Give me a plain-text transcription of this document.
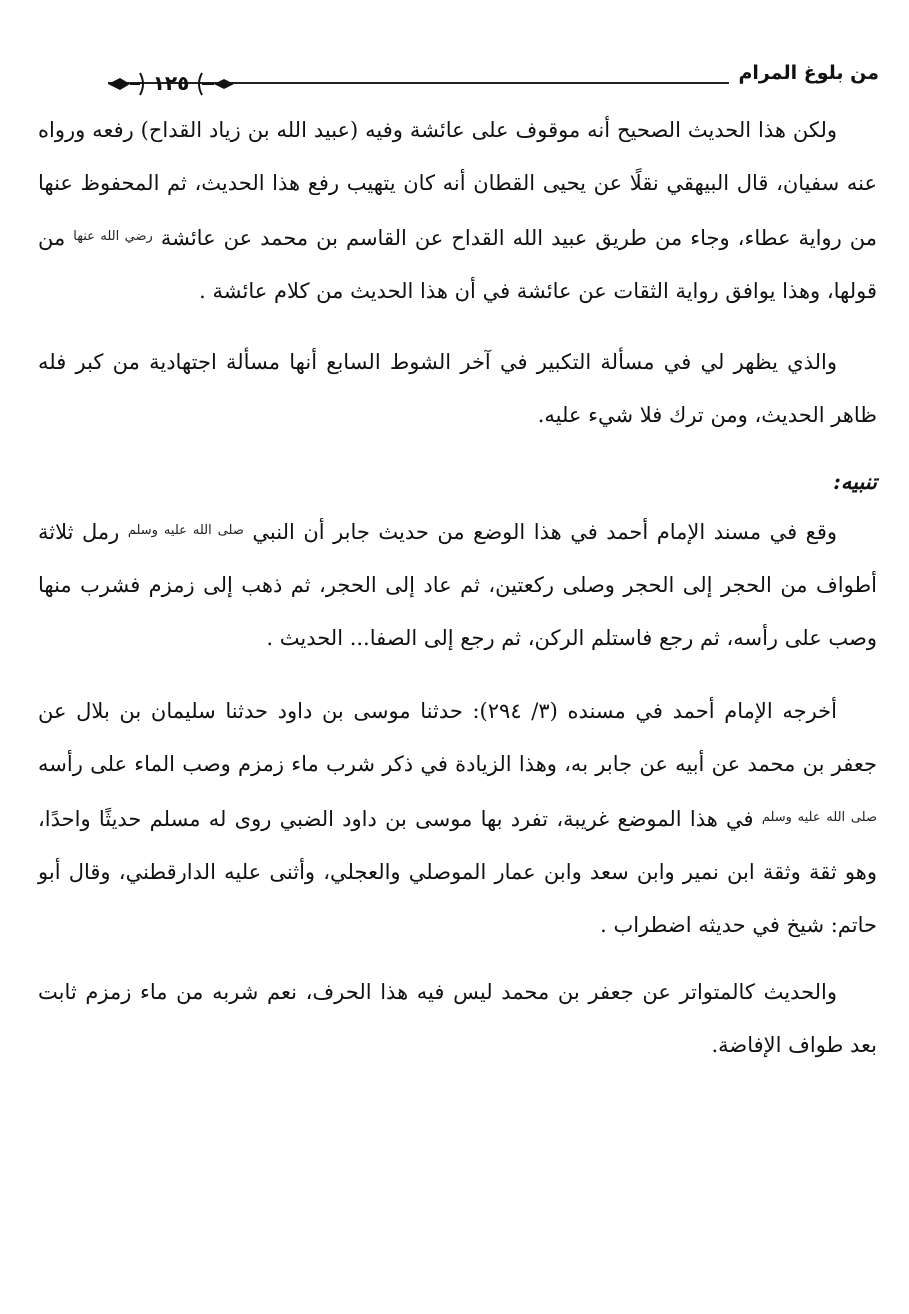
من بلوغ المرام
١٢٥

ولكن هذا الحديث الصحيح أنه موقوف على عائشة وفيه (عبيد الله بن زياد القداح) رفعه ورواه عنه سفيان، قال البيهقي نقلًا عن يحيى القطان أنه كان يتهيب رفع هذا الحديث، ثم المحفوظ عنها من رواية عطاء، وجاء من طريق عبيد الله القداح عن القاسم بن محمد عن عائشة $^{رضي الله عنها}$ من قولها، وهذا يوافق رواية الثقات عن عائشة في أن هذا الحديث من كلام عائشة .

والذي يظهر لي في مسألة التكبير في آخر الشوط السابع أنها مسألة اجتهادية من كبر فله ظاهر الحديث، ومن ترك فلا شيء عليه.

تنبيه:

وقع في مسند الإمام أحمد في هذا الوضع من حديث جابر أن النبي $^{صلى الله عليه وسلم}$ رمل ثلاثة أطواف من الحجر إلى الحجر وصلى ركعتين، ثم عاد إلى الحجر، ثم ذهب إلى زمزم فشرب منها وصب على رأسه، ثم رجع فاستلم الركن، ثم رجع إلى الصفا... الحديث .

أخرجه الإمام أحمد في مسنده (٣/ ٢٩٤): حدثنا موسى بن داود حدثنا سليمان بن بلال عن جعفر بن محمد عن أبيه عن جابر به، وهذا الزيادة في ذكر شرب ماء زمزم وصب الماء على رأسه $^{صلى الله عليه وسلم}$ في هذا الموضع غريبة، تفرد بها موسى بن داود الضبي روى له مسلم حديثًا واحدًا، وهو ثقة وثقة ابن نمير وابن سعد وابن عمار الموصلي والعجلي، وأثنى عليه الدارقطني، وقال أبو حاتم: شيخ في حديثه اضطراب .

والحديث كالمتواتر عن جعفر بن محمد ليس فيه هذا الحرف، نعم شربه من ماء زمزم ثابت بعد طواف الإفاضة.
